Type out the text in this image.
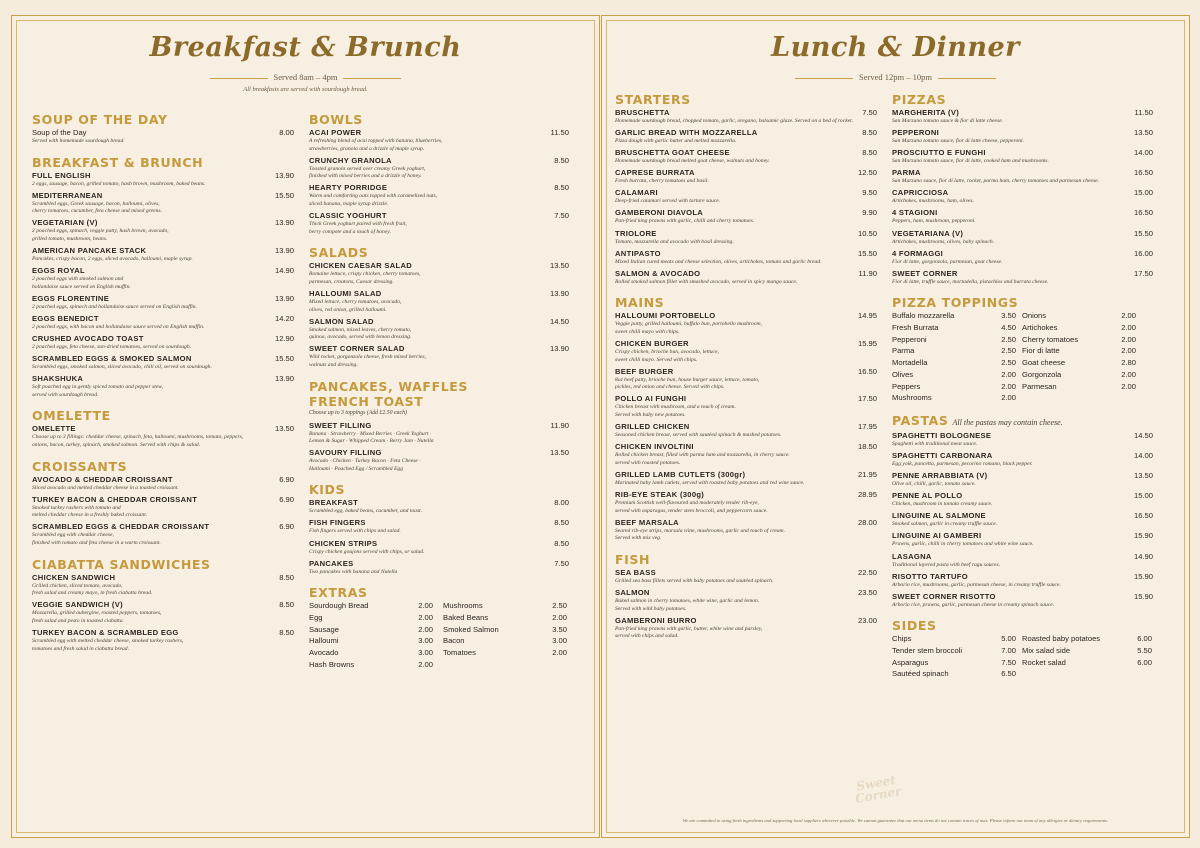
Breakfast & Brunch
Served 8am – 4pm
All breakfasts are served with sourdough bread.
SOUP OF THE DAY
Soup of the Day	8.00
Served with homemade sourdough bread.
BREAKFAST & BRUNCH
FULL ENGLISH	13.90
2 eggs, sausage, bacon, grilled tomato, hash brown, mushroom, baked beans.
MEDITERRANEAN	15.50
Scrambled eggs, Greek sausage, bacon, halloumi, olives,
cherry tomatoes, cucumber, feta cheese and mixed greens.
VEGETARIAN (V)	13.90
2 poached eggs, spinach, veggie patty, hash brown, avocado,
grilled tomato, mushroom, beans.
AMERICAN PANCAKE STACK	13.90
Pancakes, crispy bacon, 2 eggs, sliced avocado, halloumi, maple syrup.
EGGS ROYAL	14.90
2 poached eggs with smoked salmon and
hollandaise sauce served on English muffin.
EGGS FLORENTINE	13.90
2 poached eggs, spinach and hollandaise sauce served on English muffin.
EGGS BENEDICT	14.20
2 poached eggs, with bacon and hollandaise sauce served on English muffin.
CRUSHED AVOCADO TOAST	12.90
2 poached eggs, feta cheese, sun-dried tomatoes, served on sourdough.
SCRAMBLED EGGS & SMOKED SALMON	15.50
Scrambled eggs, smoked salmon, sliced avocado, chili oil, served on sourdough.
SHAKSHUKA	13.90
Soft poached egg in gently spiced tomato and pepper stew,
served with sourdough bread.
OMELETTE
OMELETTE	13.50
Choose up to 3 fillings: cheddar cheese, spinach, feta, halloumi, mushrooms, tomato, peppers,
onions, bacon, turkey, spinach, smoked salmon. Served with chips & salad.
CROISSANTS
AVOCADO & CHEDDAR CROISSANT	6.90
Sliced avocado and melted cheddar cheese in a toasted croissant.
TURKEY BACON & CHEDDAR CROISSANT	6.90
Smoked turkey rashers with tomato and
melted cheddar cheese in a freshly baked croissant.
SCRAMBLED EGGS & CHEDDAR CROISSANT	6.90
Scrambled egg with cheddar cheese,
finished with tomato and feta cheese in a warm croissant.
CIABATTA SANDWICHES
CHICKEN SANDWICH	8.50
Grilled chicken, sliced tomato, avocado,
fresh salad and creamy mayo, in fresh ciabatta bread.
VEGGIE SANDWICH (V)	8.50
Mozzarella, grilled aubergine, roasted peppers, tomatoes,
fresh salad and pesto in toasted ciabatta.
TURKEY BACON & SCRAMBLED EGG	8.50
Scrambled egg with melted cheddar cheese, smoked turkey rashers,
tomatoes and fresh salad in ciabatta bread.
BOWLS
ACAI POWER	11.50
A refreshing blend of acai topped with banana, blueberries,
strawberries, granola and a drizzle of maple syrup.
CRUNCHY GRANOLA	8.50
Toasted granola served over creamy Greek yoghurt,
finished with mixed berries and a drizzle of honey.
HEARTY PORRIDGE	8.50
Warm and comforting oats topped with caramelised nuts,
sliced banana, maple syrup drizzle.
CLASSIC YOGHURT	7.50
Thick Greek yoghurt paired with fresh fruit,
berry compote and a touch of honey.
SALADS
CHICKEN CAESAR SALAD	13.50
Romaine lettuce, crispy chicken, cherry tomatoes,
parmesan, croutons, Caesar dressing.
HALLOUMI SALAD	13.90
Mixed lettuce, cherry tomatoes, avocado,
olives, red onion, grilled halloumi.
SALMON SALAD	14.50
Smoked salmon, mixed leaves, cherry tomato,
quinoa, avocado, served with lemon dressing.
SWEET CORNER SALAD	13.90
Wild rocket, gorgonzola cheese, fresh mixed berries,
walnuts and dressing.
PANCAKES, WAFFLES
FRENCH TOAST
Choose up to 3 toppings (Add £2.50 each)
SWEET FILLING	11.90
Banana · Strawberry · Mixed Berries · Greek Yoghurt ·
Lemon & Sugar · Whipped Cream · Berry Jam · Nutella
SAVOURY FILLING	13.50
Avocado · Chicken · Turkey Bacon · Feta Cheese ·
Halloumi · Poached Egg / Scrambled Egg
KIDS
BREAKFAST	8.00
Scrambled egg, baked beans, cucumber, and toast.
FISH FINGERS	8.50
Fish fingers served with chips and salad.
CHICKEN STRIPS	8.50
Crispy chicken goujons served with chips, or salad.
PANCAKES	7.50
Two pancakes with banana and Nutella
EXTRAS
Sourdough Bread	2.00
Egg	2.00
Sausage	2.00
Halloumi	3.00
Avocado	3.00
Hash Browns	2.00
Mushrooms	2.50
Baked Beans	2.00
Smoked Salmon	3.50
Bacon	3.00
Tomatoes	2.00
Lunch & Dinner
Served 12pm – 10pm
STARTERS
BRUSCHETTA	7.50
Homemade sourdough bread, chopped tomato, garlic, oregano, balsamic glaze. Served on a bed of rocket.
GARLIC BREAD WITH MOZZARELLA	8.50
Pizza dough with garlic butter and melted mozzarella.
BRUSCHETTA GOAT CHEESE	8.50
Homemade sourdough bread melted goat cheese, walnuts and honey.
CAPRESE BURRATA	12.50
Fresh burrata, cherry tomatoes and basil.
CALAMARI	9.50
Deep-fried calamari served with tartare sauce.
GAMBERONI DIAVOLA	9.90
Pan-fried king prawns with garlic, chilli and cherry tomatoes.
TRIOLORE	10.50
Tomato, mozzarella and avocado with basil dressing.
ANTIPASTO	15.50
Mixed Italian cured meats and cheese selection, olives, artichokes, tomato and garlic bread.
SALMON & AVOCADO	11.90
Rolled smoked salmon fillet with smashed avocado, served in spicy mango sauce.
MAINS
HALLOUMI PORTOBELLO	14.95
Veggie patty, grilled halloumi, buffalo bun, portobello mushroom,
sweet chilli mayo with chips.
CHICKEN BURGER	15.95
Crispy chicken, brioche bun, avocado, lettuce,
sweet chilli mayo. Served with chips.
BEEF BURGER	16.50
8oz beef patty, brioche bun, house burger sauce, lettuce, tomato,
pickles, red onion and cheese. Served with chips.
POLLO AI FUNGHI	17.50
Chicken breast with mushroom, and a touch of cream.
Served with baby new potatoes.
GRILLED CHICKEN	17.95
Seasoned chicken breast, served with sautéed spinach & mashed potatoes.
CHICKEN INVOLTINI	18.50
Rolled chicken breast, filled with parma ham and mozzarella, in cherry sauce.
served with roasted potatoes.
GRILLED LAMB CUTLETS (300gr)	21.95
Marinated baby lamb cutlets, served with roasted baby potatoes and red wine sauce.
RIB-EYE STEAK (300g)	28.95
Premium Scottish well-flavoured and moderately tender rib-eye,
served with asparagus, tender stem broccoli, and peppercorn sauce.
BEEF MARSALA	28.00
Seared rib-eye strips, marsala wine, mushrooms, garlic and touch of cream.
Served with mix veg.
FISH
SEA BASS	22.50
Grilled sea bass fillets served with baby potatoes and sautéed spinach.
SALMON	23.50
Baked salmon in cherry tomatoes, white wine, garlic and lemon.
Served with wild baby potatoes.
GAMBERONI BURRO	23.00
Pan-fried king prawns with garlic, butter, white wine and parsley,
served with chips and salad.
PIZZAS
MARGHERITA (V)	11.50
San Marzano tomato sauce & fior di latte cheese.
PEPPERONI	13.50
San Marzano tomato sauce, fior di latte cheese, pepperoni.
PROSCIUTTO E FUNGHI	14.00
San Marzano tomato sauce, fior di latte, cooked ham and mushrooms.
PARMA	16.50
San Marzano sauce, fior di latte, rocket, parma ham, cherry tomatoes and parmesan cheese.
CAPRICCIOSA	15.00
Artichokes, mushrooms, ham, olives.
4 STAGIONI	16.50
Peppers, ham, mushroom, pepperoni.
VEGETARIANA (V)	15.50
Artichokes, mushrooms, olives, baby spinach.
4 FORMAGGI	16.00
Fior di latte, gorgonzola, parmesan, goat cheese.
SWEET CORNER	17.50
Fior di latte, truffle sauce, mortadella, pistachios and burrata cheese.
PIZZA TOPPINGS
Buffalo mozzarella	3.50
Fresh Burrata	4.50
Pepperoni	2.50
Parma	2.50
Mortadella	2.50
Olives	2.00
Peppers	2.00
Mushrooms	2.00
Onions	2.00
Artichokes	2.00
Cherry tomatoes	2.00
Fior di latte	2.00
Goat cheese	2.80
Gorgonzola	2.00
Parmesan	2.00
PASTAS All the pastas may contain cheese.
SPAGHETTI BOLOGNESE	14.50
Spaghetti with traditional meat sauce.
SPAGHETTI CARBONARA	14.00
Egg yolk, pancetta, parmesan, pecorino romano, black pepper.
PENNE ARRABBIATA (V)	13.50
Olive oil, chilli, garlic, tomato sauce.
PENNE AL POLLO	15.00
Chicken, mushroom in tomato creamy sauce.
LINGUINE AL SALMONE	16.50
Smoked salmon, garlic in creamy truffle sauce.
LINGUINE AI GAMBERI	15.90
Prawns, garlic, chilli in cherry tomatoes and white wine sauce.
LASAGNA	14.90
Traditional layered pasta with beef ragu sauces.
RISOTTO TARTUFO	15.90
Arborio rice, mushrooms, garlic, parmesan cheese, in creamy truffle sauce.
SWEET CORNER RISOTTO	15.90
Arborio rice, prawns, garlic, parmesan cheese in creamy spinach sauce.
SIDES
Chips	5.00
Tender stem broccoli	7.00
Asparagus	7.50
Sautéed spinach	6.50
Roasted baby potatoes	6.00
Mix salad side	5.50
Rocket salad	6.00
Sweet Corner
We are committed to using fresh ingredients and supporting local suppliers wherever possible. We cannot guarantee that our menu items do not contain traces of nuts. Please inform our team of any allergies or dietary requirements.
